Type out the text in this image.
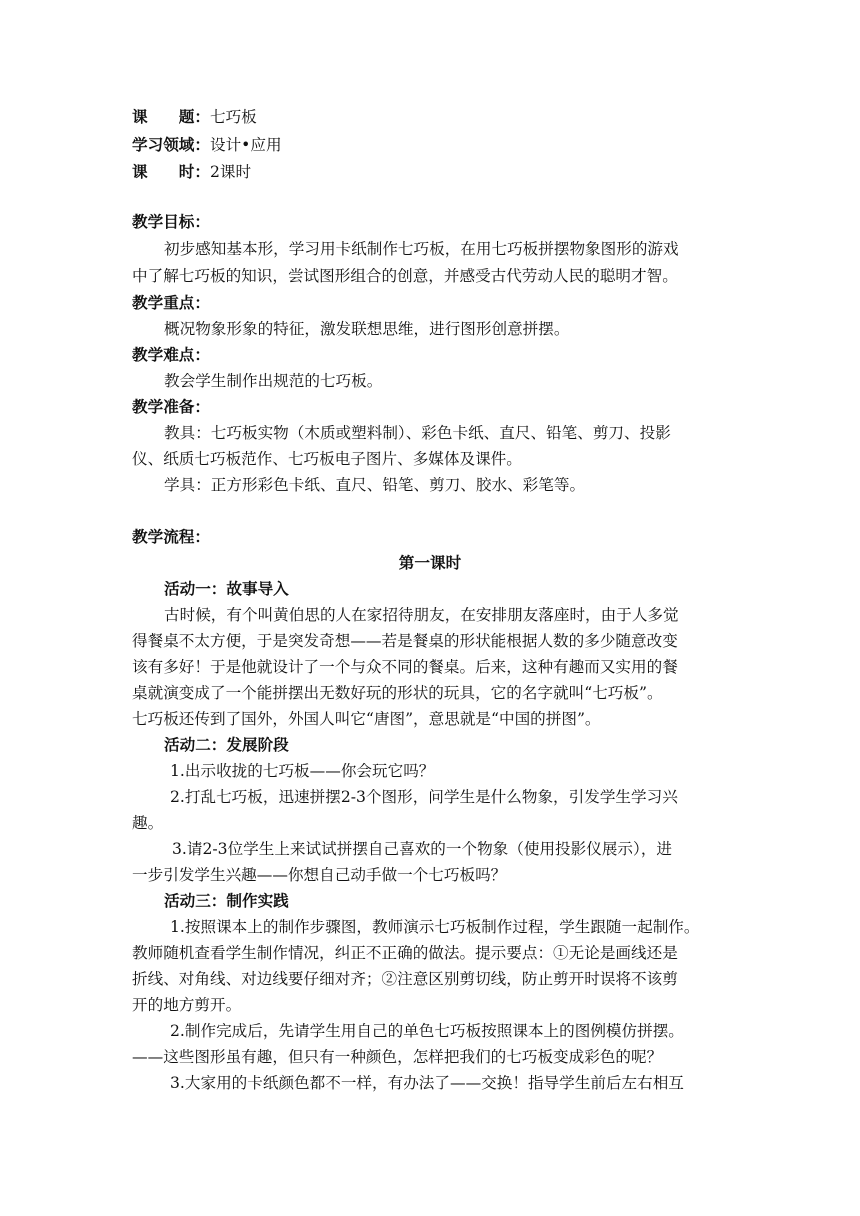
课　　题：七巧板
学习领域：设计•应用
课　　时：2课时
教学目标：
初步感知基本形，学习用卡纸制作七巧板，在用七巧板拼摆物象图形的游戏
中了解七巧板的知识，尝试图形组合的创意，并感受古代劳动人民的聪明才智。
教学重点：
概况物象形象的特征，激发联想思维，进行图形创意拼摆。
教学难点：
教会学生制作出规范的七巧板。
教学准备：
教具：七巧板实物（木质或塑料制）、彩色卡纸、直尺、铅笔、剪刀、投影
仪、纸质七巧板范作、七巧板电子图片、多媒体及课件。
学具：正方形彩色卡纸、直尺、铅笔、剪刀、胶水、彩笔等。
教学流程：
第一课时
活动一：故事导入
古时候，有个叫黄伯思的人在家招待朋友，在安排朋友落座时，由于人多觉
得餐桌不太方便，于是突发奇想——若是餐桌的形状能根据人数的多少随意改变
该有多好！于是他就设计了一个与众不同的餐桌。后来，这种有趣而又实用的餐
桌就演变成了一个能拼摆出无数好玩的形状的玩具，它的名字就叫“七巧板”。
七巧板还传到了国外，外国人叫它“唐图”，意思就是“中国的拼图”。
活动二：发展阶段
1.出示收拢的七巧板——你会玩它吗？
2.打乱七巧板，迅速拼摆2-3个图形，问学生是什么物象，引发学生学习兴
趣。
3.请2-3位学生上来试试拼摆自己喜欢的一个物象（使用投影仪展示），进
一步引发学生兴趣——你想自己动手做一个七巧板吗？
活动三：制作实践
1.按照课本上的制作步骤图，教师演示七巧板制作过程，学生跟随一起制作。
教师随机查看学生制作情况，纠正不正确的做法。提示要点：①无论是画线还是
折线、对角线、对边线要仔细对齐；②注意区别剪切线，防止剪开时误将不该剪
开的地方剪开。
2.制作完成后，先请学生用自己的单色七巧板按照课本上的图例模仿拼摆。
——这些图形虽有趣，但只有一种颜色，怎样把我们的七巧板变成彩色的呢？
3.大家用的卡纸颜色都不一样，有办法了——交换！指导学生前后左右相互
